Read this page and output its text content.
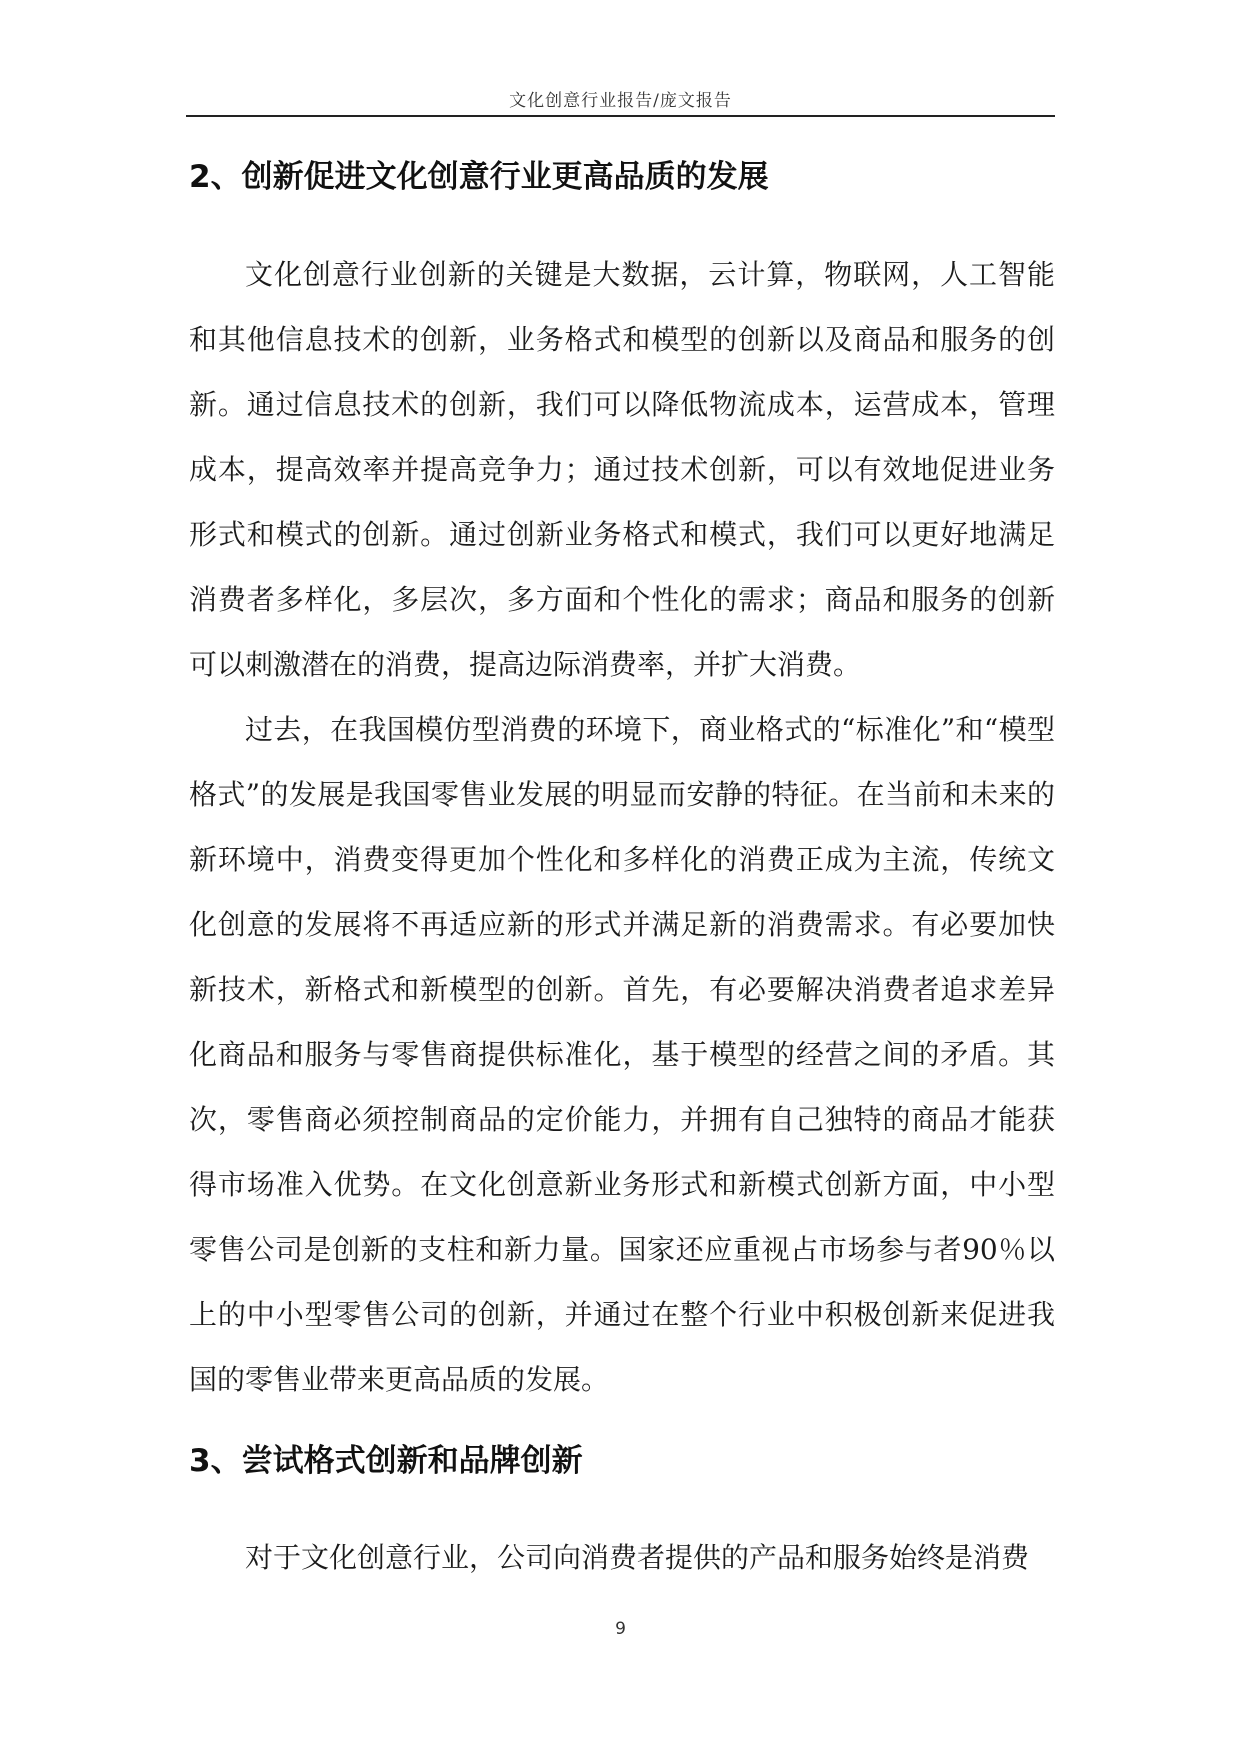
文化创意行业报告/庞文报告
2、创新促进文化创意行业更高品质的发展

文化创意行业创新的关键是大数据，云计算，物联网，人工智能和其他信息技术的创新，业务格式和模型的创新以及商品和服务的创新。通过信息技术的创新，我们可以降低物流成本，运营成本，管理成本，提高效率并提高竞争力；通过技术创新，可以有效地促进业务形式和模式的创新。通过创新业务格式和模式，我们可以更好地满足消费者多样化，多层次，多方面和个性化的需求；商品和服务的创新可以刺激潜在的消费，提高边际消费率，并扩大消费。

过去，在我国模仿型消费的环境下，商业格式的“标准化”和“模型格式”的发展是我国零售业发展的明显而安静的特征。在当前和未来的新环境中，消费变得更加个性化和多样化的消费正成为主流，传统文化创意的发展将不再适应新的形式并满足新的消费需求。有必要加快新技术，新格式和新模型的创新。首先，有必要解决消费者追求差异化商品和服务与零售商提供标准化，基于模型的经营之间的矛盾。其次，零售商必须控制商品的定价能力，并拥有自己独特的商品才能获得市场准入优势。在文化创意新业务形式和新模式创新方面，中小型零售公司是创新的支柱和新力量。国家还应重视占市场参与者90％以上的中小型零售公司的创新，并通过在整个行业中积极创新来促进我国的零售业带来更高品质的发展。

3、尝试格式创新和品牌创新

对于文化创意行业，公司向消费者提供的产品和服务始终是消费

9
